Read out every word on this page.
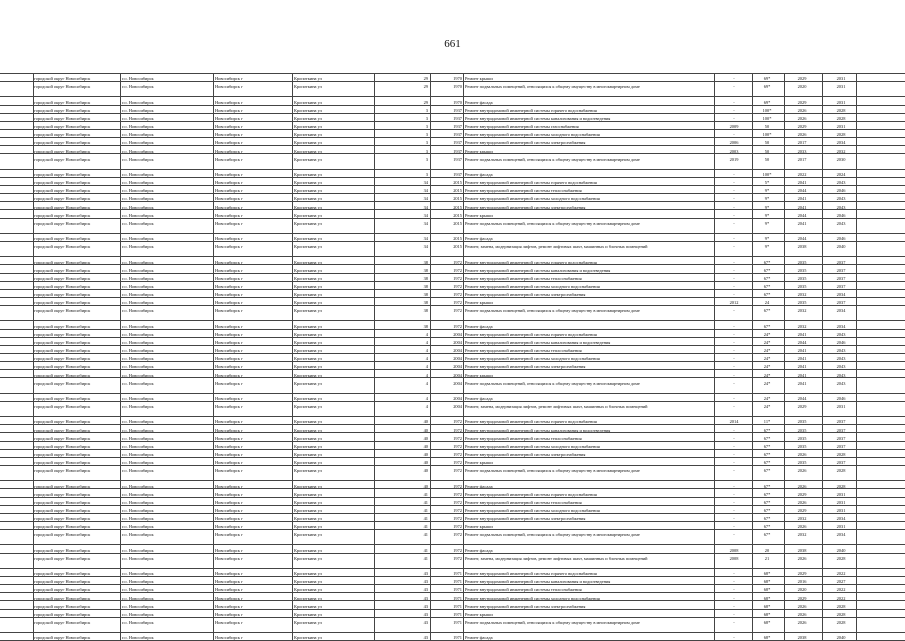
661
городской округ Новосибирск	г.о. Новосибирск	Новосибирск г	Кропоткина ул	29	1970 Ремонт крыши	-	69*	2029	2031
городской округ Новосибирск	г.о. Новосибирск	Новосибирск г	Кропоткина ул	29	1970 Ремонт подвальных помещений, относящихся к общему имуществу в многоквартирном доме	-	69*	2020	2031
городской округ Новосибирск	г.о. Новосибирск	Новосибирск г	Кропоткина ул	29	1970 Ремонт фасада	-	69*	2029	2031
городской округ Новосибирск	г.о. Новосибирск	Новосибирск г	Кропоткина ул	3	1937 Ремонт внутридомовой инженерной системы горячего водоснабжения	-	100*	2026	2028
городской округ Новосибирск	г.о. Новосибирск	Новосибирск г	Кропоткина ул	3	1937 Ремонт внутридомовой инженерной системы канализования и водоотведения	-	100*	2026	2028
городской округ Новосибирск	г.о. Новосибирск	Новосибирск г	Кропоткина ул	3	1937 Ремонт внутридомовой инженерной системы газоснабжения	2009	50	2029	2031
городской округ Новосибирск	г.о. Новосибирск	Новосибирск г	Кропоткина ул	3	1937 Ремонт внутридомовой инженерной системы холодного водоснабжения	-	100*	2026	2028
городской округ Новосибирск	г.о. Новосибирск	Новосибирск г	Кропоткина ул	3	1937 Ремонт внутридомовой инженерной системы электроснабжения	2006	50	2017	2034
городской округ Новосибирск	г.о. Новосибирск	Новосибирск г	Кропоткина ул	3	1937 Ремонт крыши	2003	50	2033	2032
городской округ Новосибирск	г.о. Новосибирск	Новосибирск г	Кропоткина ул	3	1937 Ремонт подвальных помещений, относящихся к общему имуществу в многоквартирном доме	2019	50	2017	2030
городской округ Новосибирск	г.о. Новосибирск	Новосибирск г	Кропоткина ул	3	1937 Ремонт фасада	-	100*	2022	2024
городской округ Новосибирск	г.о. Новосибирск	Новосибирск г	Кропоткина ул	34	2015 Ремонт внутридомовой инженерной системы горячего водоснабжения	-	5*	2041	2043
городской округ Новосибирск	г.о. Новосибирск	Новосибирск г	Кропоткина ул	34	2015 Ремонт внутридомовой инженерной системы теплоснабжения	-	9*	2044	2046
городской округ Новосибирск	г.о. Новосибирск	Новосибирск г	Кропоткина ул	34	2015 Ремонт внутридомовой инженерной системы холодного водоснабжения	-	9*	2041	2043
городской округ Новосибирск	г.о. Новосибирск	Новосибирск г	Кропоткина ул	34	2015 Ремонт внутридомовой инженерной системы электроснабжения	-	9*	2041	2043
городской округ Новосибирск	г.о. Новосибирск	Новосибирск г	Кропоткина ул	34	2015 Ремонт крыши	-	9*	2044	2046
городской округ Новосибирск	г.о. Новосибирск	Новосибирск г	Кропоткина ул	34	2015 Ремонт подвальных помещений, относящихся к общему имуществу в многоквартирном доме	-	9*	2041	2043
городской округ Новосибирск	г.о. Новосибирск	Новосибирск г	Кропоткина ул	34	2015 Ремонт фасада	-	9*	2044	2046
городской округ Новосибирск	г.о. Новосибирск	Новосибирск г	Кропоткина ул	34	2015 Ремонт, замена, модернизация лифтов, ремонт лифтовых шахт, машинных и блочных помещений	-	9*	2038	2040
городской округ Новосибирск	г.о. Новосибирск	Новосибирск г	Кропоткина ул	38	1972 Ремонт внутридомовой инженерной системы горячего водоснабжения	-	67*	2035	2037
городской округ Новосибирск	г.о. Новосибирск	Новосибирск г	Кропоткина ул	38	1972 Ремонт внутридомовой инженерной системы канализования и водоотведения	-	67*	2035	2037
городской округ Новосибирск	г.о. Новосибирск	Новосибирск г	Кропоткина ул	38	1972 Ремонт внутридомовой инженерной системы теплоснабжения	-	67*	2035	2037
городской округ Новосибирск	г.о. Новосибирск	Новосибирск г	Кропоткина ул	38	1972 Ремонт внутридомовой инженерной системы холодного водоснабжения	-	67*	2035	2037
городской округ Новосибирск	г.о. Новосибирск	Новосибирск г	Кропоткина ул	38	1972 Ремонт внутридомовой инженерной системы электроснабжения	-	67*	2032	2034
городской округ Новосибирск	г.о. Новосибирск	Новосибирск г	Кропоткина ул	38	1972 Ремонт крыши	2012	24	2035	2037
городской округ Новосибирск	г.о. Новосибирск	Новосибирск г	Кропоткина ул	38	1972 Ремонт подвальных помещений, относящихся к общему имуществу в многоквартирном доме	-	67*	2032	2034
городской округ Новосибирск	г.о. Новосибирск	Новосибирск г	Кропоткина ул	38	1972 Ремонт фасада	-	67*	2032	2034
городской округ Новосибирск	г.о. Новосибирск	Новосибирск г	Кропоткина ул	4	2004 Ремонт внутридомовой инженерной системы горячего водоснабжения	-	24*	2041	2043
городской округ Новосибирск	г.о. Новосибирск	Новосибирск г	Кропоткина ул	4	2004 Ремонт внутридомовой инженерной системы канализования и водоотведения	-	24*	2044	2046
городской округ Новосибирск	г.о. Новосибирск	Новосибирск г	Кропоткина ул	4	2004 Ремонт внутридомовой инженерной системы теплоснабжения	-	24*	2041	2043
городской округ Новосибирск	г.о. Новосибирск	Новосибирск г	Кропоткина ул	4	2004 Ремонт внутридомовой инженерной системы холодного водоснабжения	-	24*	2041	2043
городской округ Новосибирск	г.о. Новосибирск	Новосибирск г	Кропоткина ул	4	2004 Ремонт внутридомовой инженерной системы электроснабжения	-	24*	2041	2043
городской округ Новосибирск	г.о. Новосибирск	Новосибирск г	Кропоткина ул	4	2004 Ремонт крыши	-	24*	2041	2043
городской округ Новосибирск	г.о. Новосибирск	Новосибирск г	Кропоткина ул	4	2004 Ремонт подвальных помещений, относящихся к общему имуществу в многоквартирном доме	-	24*	2041	2043
городской округ Новосибирск	г.о. Новосибирск	Новосибирск г	Кропоткина ул	4	2004 Ремонт фасада	-	24*	2044	2046
городской округ Новосибирск	г.о. Новосибирск	Новосибирск г	Кропоткина ул	4	2004 Ремонт, замена, модернизация лифтов, ремонт лифтовых шахт, машинных и блочных помещений	-	24*	2029	2031
городской округ Новосибирск	г.о. Новосибирск	Новосибирск г	Кропоткина ул	40	1972 Ремонт внутридомовой инженерной системы горячего водоснабжения	2014	11*	2035	2037
городской округ Новосибирск	г.о. Новосибирск	Новосибирск г	Кропоткина ул	40	1972 Ремонт внутридомовой инженерной системы канализования и водоотведения	-	67*	2035	2037
городской округ Новосибирск	г.о. Новосибирск	Новосибирск г	Кропоткина ул	40	1972 Ремонт внутридомовой инженерной системы теплоснабжения	-	67*	2035	2037
городской округ Новосибирск	г.о. Новосибирск	Новосибирск г	Кропоткина ул	40	1972 Ремонт внутридомовой инженерной системы холодного водоснабжения	-	67*	2035	2037
городской округ Новосибирск	г.о. Новосибирск	Новосибирск г	Кропоткина ул	40	1972 Ремонт внутридомовой инженерной системы электроснабжения	-	67*	2026	2028
городской округ Новосибирск	г.о. Новосибирск	Новосибирск г	Кропоткина ул	40	1972 Ремонт крыши	-	67*	2035	2037
городской округ Новосибирск	г.о. Новосибирск	Новосибирск г	Кропоткина ул	40	1972 Ремонт подвальных помещений, относящихся к общему имуществу в многоквартирном доме	-	67*	2026	2028
городской округ Новосибирск	г.о. Новосибирск	Новосибирск г	Кропоткина ул	40	1972 Ремонт фасада	-	67*	2026	2028
городской округ Новосибирск	г.о. Новосибирск	Новосибирск г	Кропоткина ул	41	1972 Ремонт внутридомовой инженерной системы горячего водоснабжения	-	67*	2029	2031
городской округ Новосибирск	г.о. Новосибирск	Новосибирск г	Кропоткина ул	41	1972 Ремонт внутридомовой инженерной системы теплоснабжения	-	67*	2026	2031
городской округ Новосибирск	г.о. Новосибирск	Новосибирск г	Кропоткина ул	41	1972 Ремонт внутридомовой инженерной системы холодного водоснабжения	-	67*	2029	2031
городской округ Новосибирск	г.о. Новосибирск	Новосибирск г	Кропоткина ул	41	1972 Ремонт внутридомовой инженерной системы электроснабжения	-	67*	2032	2034
городской округ Новосибирск	г.о. Новосибирск	Новосибирск г	Кропоткина ул	41	1972 Ремонт крыши	-	67*	2026	2031
городской округ Новосибирск	г.о. Новосибирск	Новосибирск г	Кропоткина ул	41	1972 Ремонт подвальных помещений, относящихся к общему имуществу в многоквартирном доме	-	67*	2032	2034
городской округ Новосибирск	г.о. Новосибирск	Новосибирск г	Кропоткина ул	41	1972 Ремонт фасада	2008	20	2038	2040
городской округ Новосибирск	г.о. Новосибирск	Новосибирск г	Кропоткина ул	41	1972 Ремонт, замена, модернизация лифтов, ремонт лифтовых шахт, машинных и блочных помещений	2008	21	2026	2028
городской округ Новосибирск	г.о. Новосибирск	Новосибирск г	Кропоткина ул	43	1971 Ремонт внутридомовой инженерной системы горячего водоснабжения	-	68*	2029	2022
городской округ Новосибирск	г.о. Новосибирск	Новосибирск г	Кропоткина ул	43	1971 Ремонт внутридомовой инженерной системы канализования и водоотведения	-	68*	2016	2027
городской округ Новосибирск	г.о. Новосибирск	Новосибирск г	Кропоткина ул	43	1971 Ремонт внутридомовой инженерной системы теплоснабжения	-	68*	2020	2022
городской округ Новосибирск	г.о. Новосибирск	Новосибирск г	Кропоткина ул	43	1971 Ремонт внутридомовой инженерной системы холодного водоснабжения	-	68*	2029	2022
городской округ Новосибирск	г.о. Новосибирск	Новосибирск г	Кропоткина ул	43	1971 Ремонт внутридомовой инженерной системы электроснабжения	-	68*	2026	2028
городской округ Новосибирск	г.о. Новосибирск	Новосибирск г	Кропоткина ул	43	1971 Ремонт крыши	-	68*	2026	2028
городской округ Новосибирск	г.о. Новосибирск	Новосибирск г	Кропоткина ул	43	1971 Ремонт подвальных помещений, относящихся к общему имуществу в многоквартирном доме	-	68*	2026	2028
городской округ Новосибирск	г.о. Новосибирск	Новосибирск г	Кропоткина ул	43	1971 Ремонт фасада	-	68*	2038	2040
